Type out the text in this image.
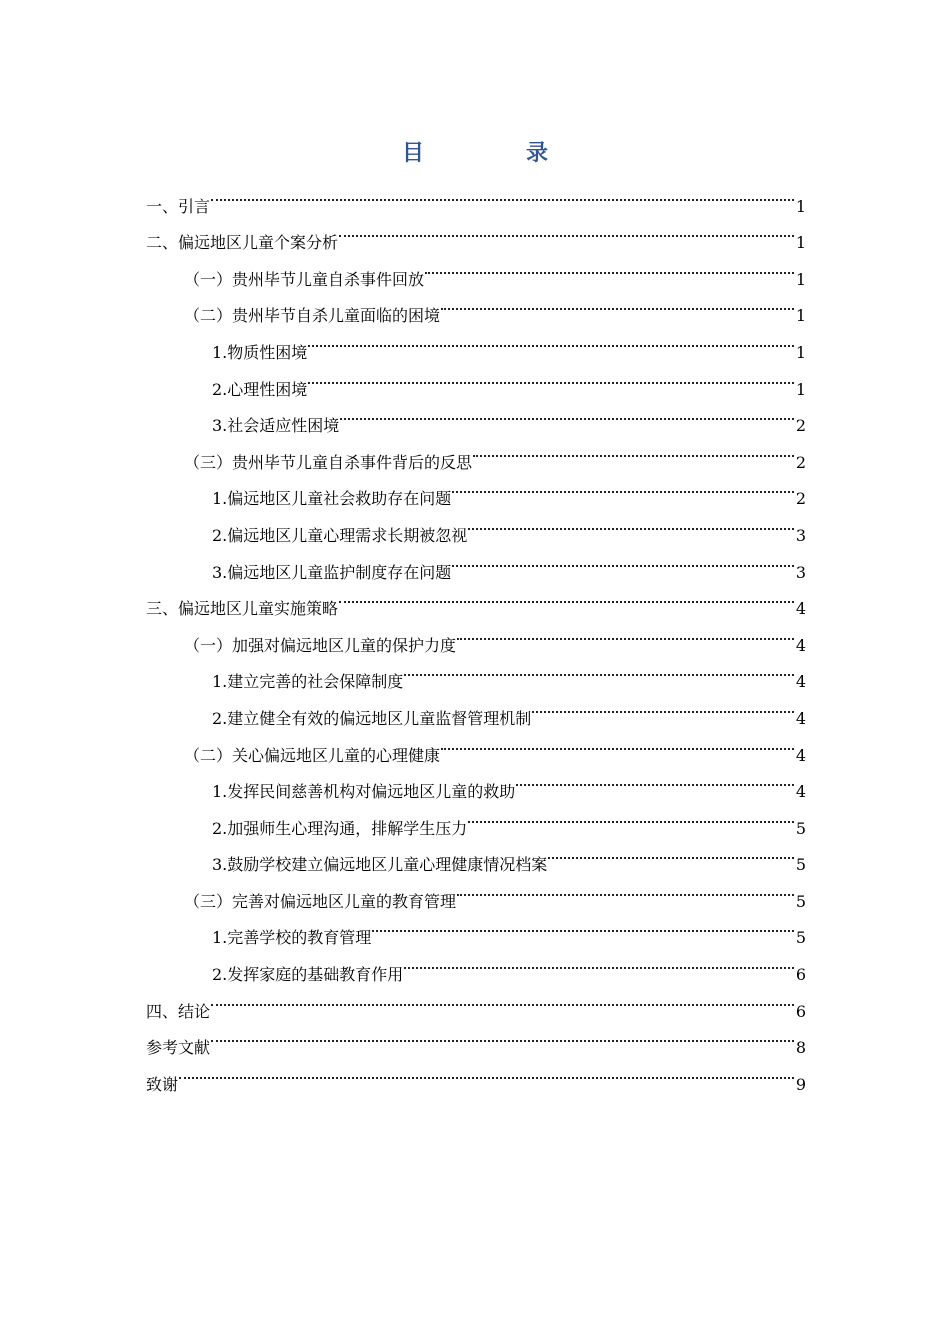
目　录
一、引言	1
二、偏远地区儿童个案分析	1
（一）贵州毕节儿童自杀事件回放	1
（二）贵州毕节自杀儿童面临的困境	1
1.物质性困境	1
2.心理性困境	1
3.社会适应性困境	2
（三）贵州毕节儿童自杀事件背后的反思	2
1.偏远地区儿童社会救助存在问题	2
2.偏远地区儿童心理需求长期被忽视	3
3.偏远地区儿童监护制度存在问题	3
三、偏远地区儿童实施策略	4
（一）加强对偏远地区儿童的保护力度	4
1.建立完善的社会保障制度	4
2.建立健全有效的偏远地区儿童监督管理机制	4
（二）关心偏远地区儿童的心理健康	4
1.发挥民间慈善机构对偏远地区儿童的救助	4
2.加强师生心理沟通，排解学生压力	5
3.鼓励学校建立偏远地区儿童心理健康情况档案	5
（三）完善对偏远地区儿童的教育管理	5
1.完善学校的教育管理	5
2.发挥家庭的基础教育作用	6
四、结论	6
参考文献	8
致谢	9
